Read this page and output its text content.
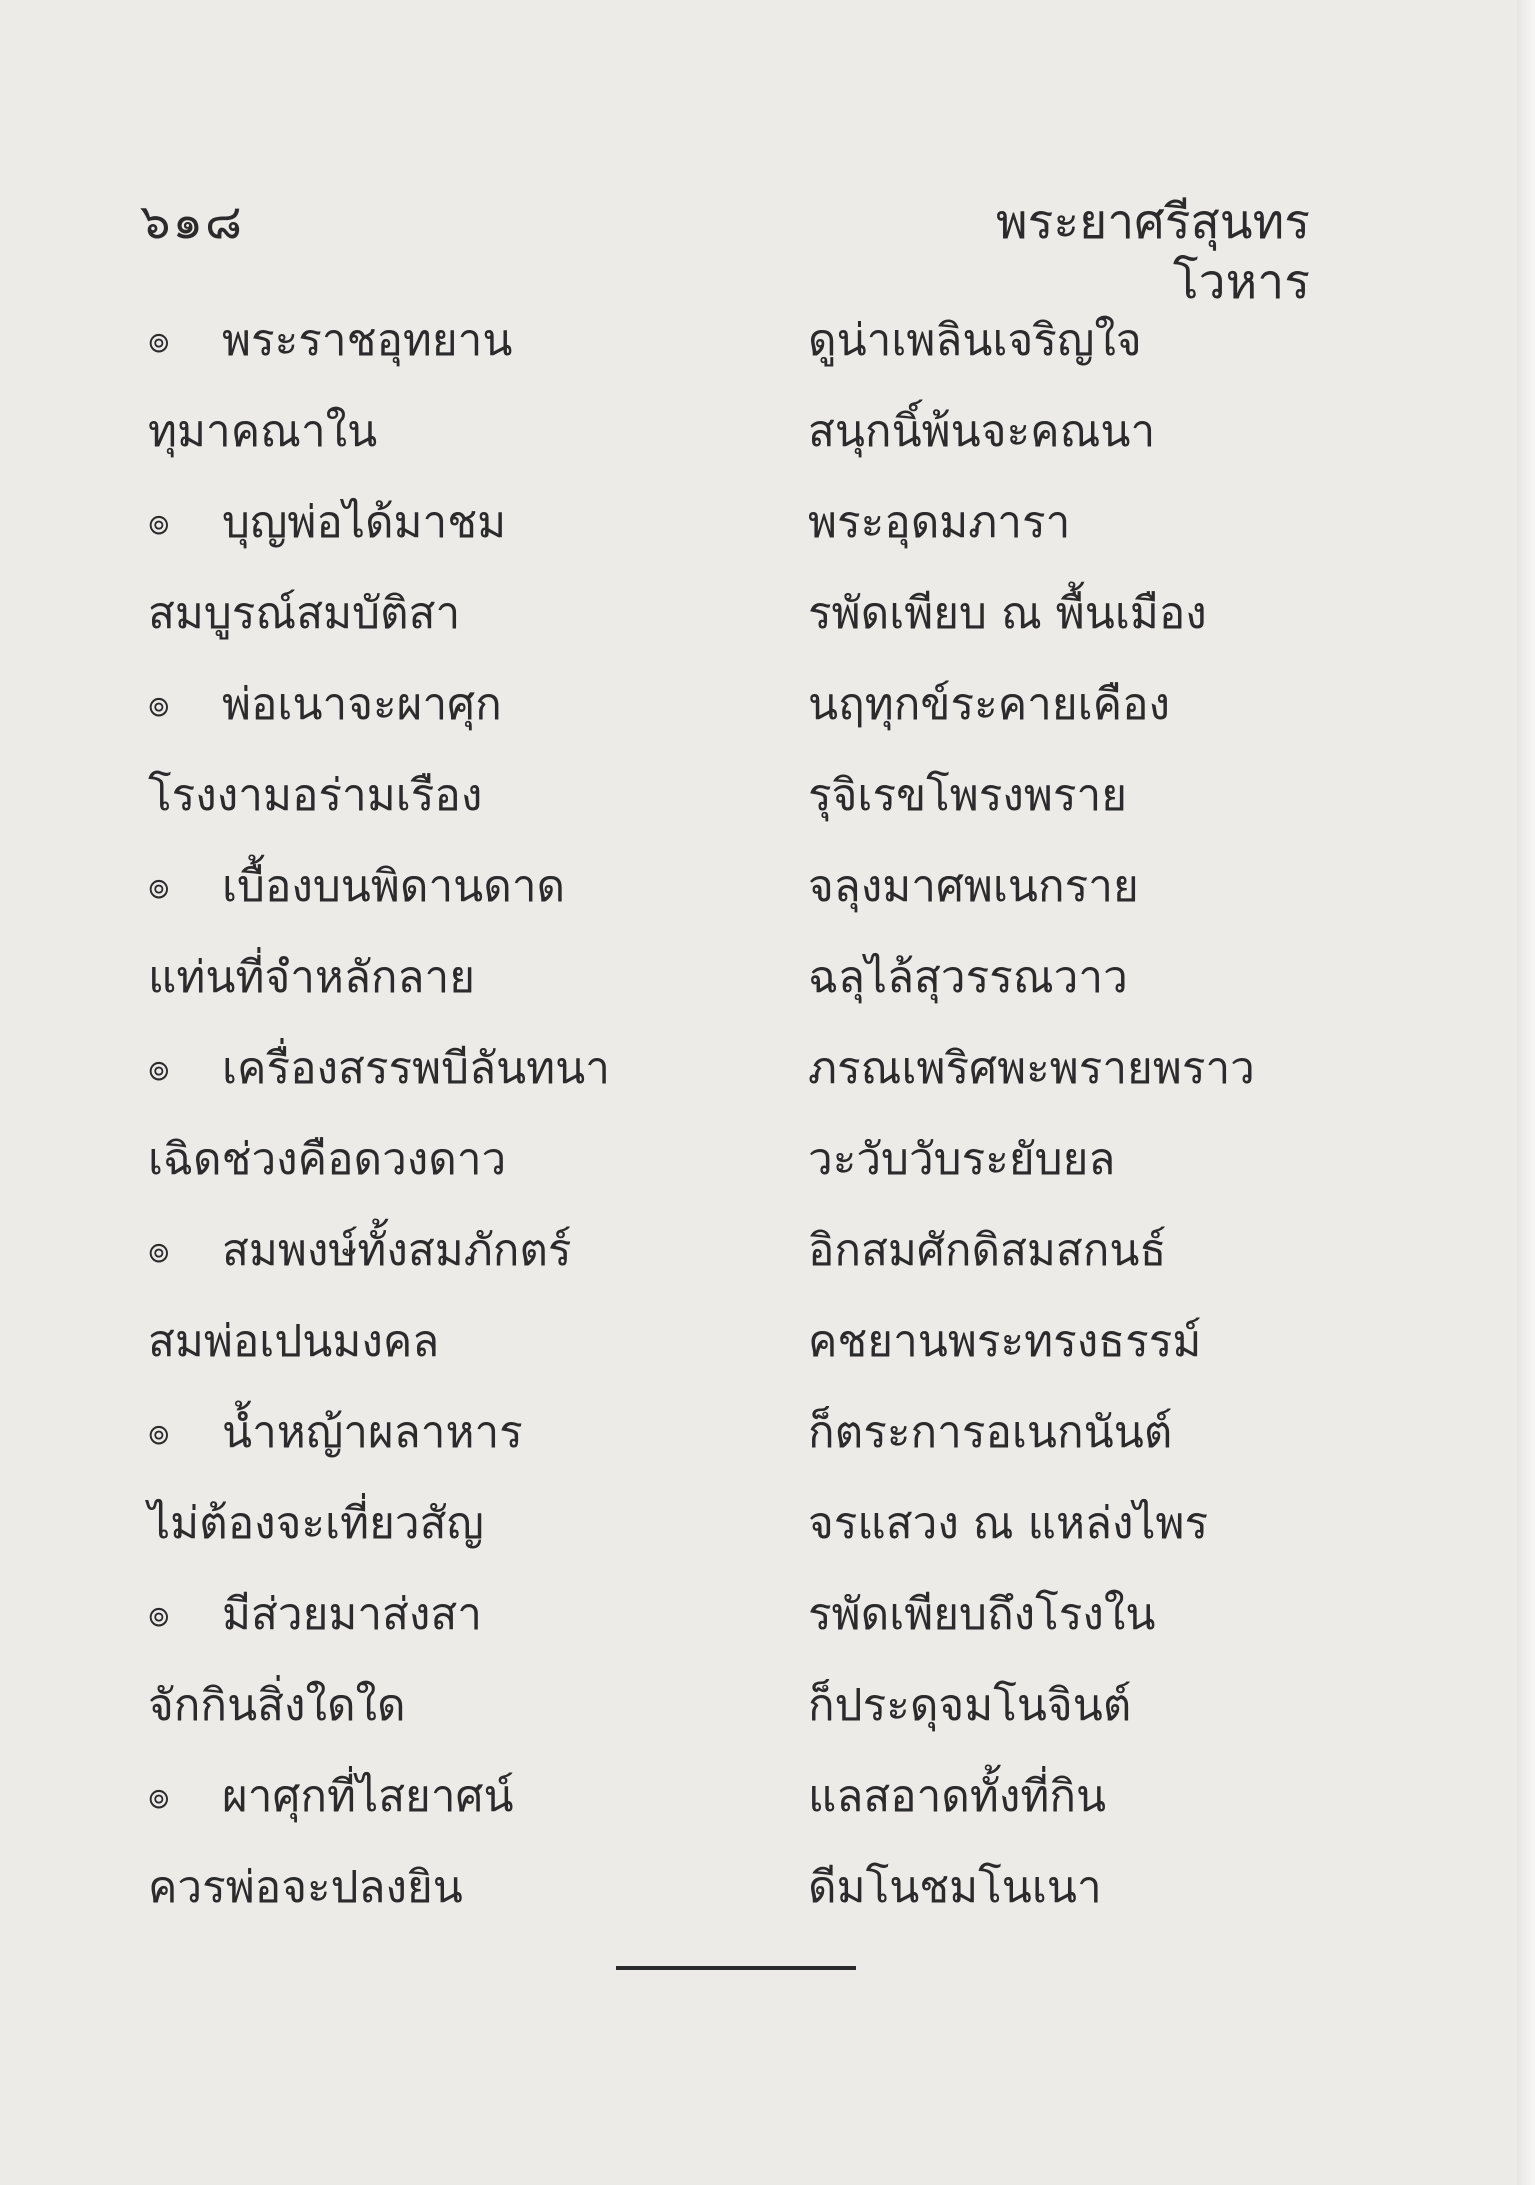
๖๑๘	พระยาศรีสุนทรโวหาร
๏ พระราชอุทยาน	ดูน่าเพลินเจริญใจ
ทุมาคณาใน	สนุกนิ์พ้นจะคณนา
๏ บุญพ่อได้มาชม	พระอุดมภารา
สมบูรณ์สมบัติสา	รพัดเพียบ ณ พื้นเมือง
๏ พ่อเนาจะผาศุก	นฤทุกข์ระคายเคือง
โรงงามอร่ามเรือง	รุจิเรขโพรงพราย
๏ เบื้องบนพิดานดาด	จลุงมาศพเนกราย
แท่นที่จำหลักลาย	ฉลุไล้สุวรรณวาว
๏ เครื่องสรรพบีลันทนา	ภรณเพริศพะพรายพราว
เฉิดช่วงคือดวงดาว	วะวับวับระยับยล
๏ สมพงษ์ทั้งสมภักตร์	อิกสมศักดิสมสกนธ์
สมพ่อเปนมงคล	คชยานพระทรงธรรม์
๏ น้ำหญ้าผลาหาร	ก็ตระการอเนกนันต์
ไม่ต้องจะเที่ยวสัญ	จรแสวง ณ แหล่งไพร
๏ มีส่วยมาส่งสา	รพัดเพียบถึงโรงใน
จักกินสิ่งใดใด	ก็ประดุจมโนจินต์
๏ ผาศุกที่ไสยาศน์	แลสอาดทั้งที่กิน
ควรพ่อจะปลงยิน	ดีมโนชมโนเนา
